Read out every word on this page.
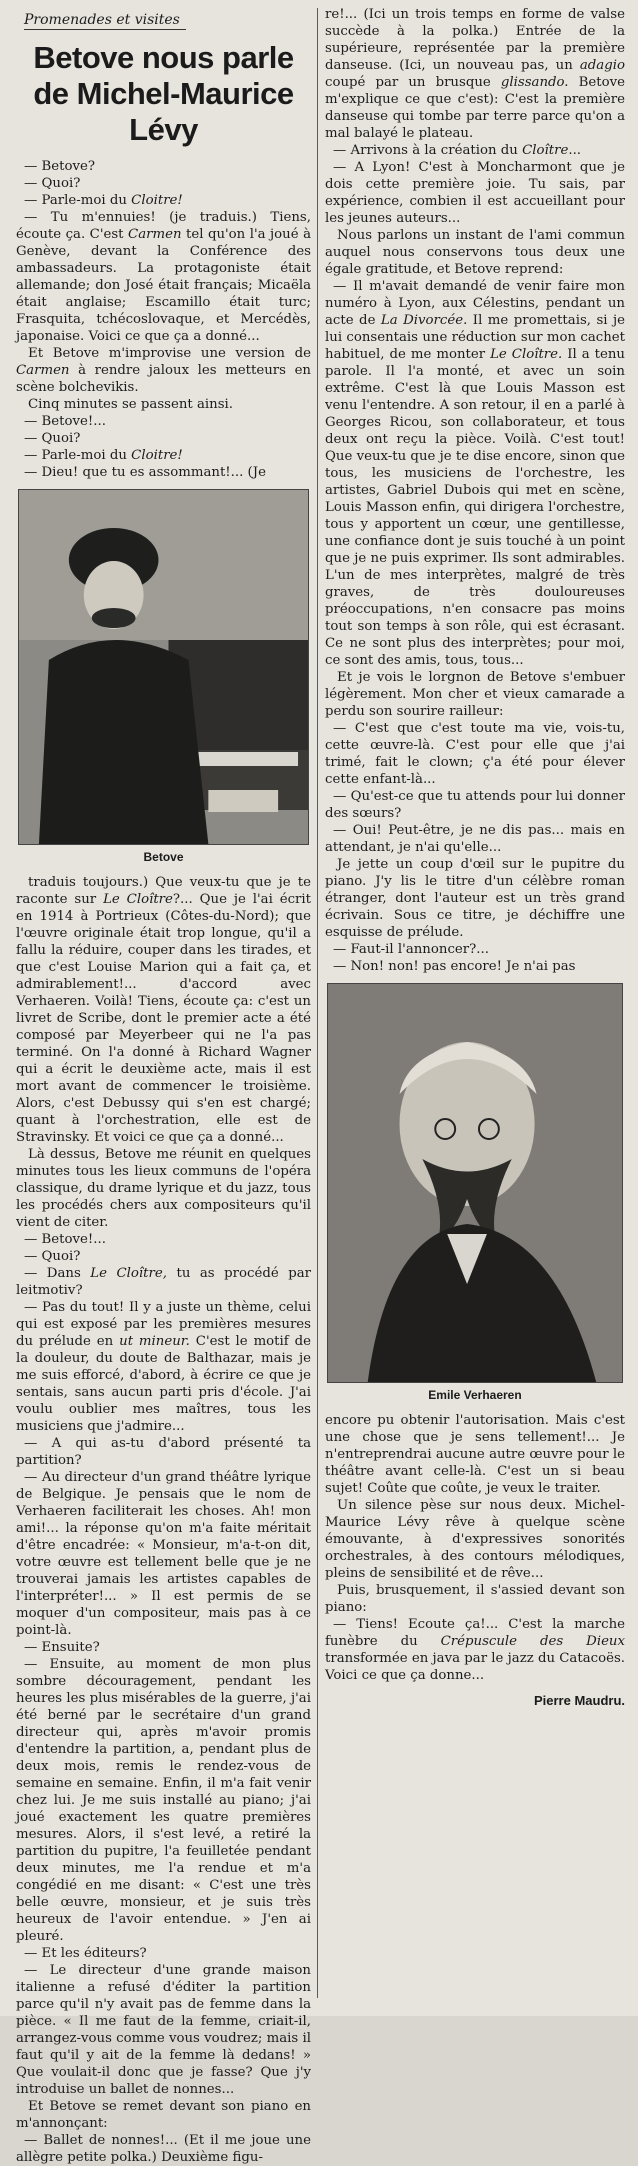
Promenades et visites
Betove nous parle
de Michel-Maurice Lévy

— Betove?

— Quoi?

— Parle-moi du Cloitre!

— Tu m'ennuies! (je traduis.) Tiens, écoute ça. C'est Carmen tel qu'on l'a joué à Genève, devant la Conférence des ambassadeurs. La protagoniste était allemande; don José était français; Micaëla était anglaise; Escamillo était turc; Frasquita, tchécoslovaque, et Mercédès, japonaise. Voici ce que ça a donné...

Et Betove m'improvise une version de Carmen à rendre jaloux les metteurs en scène bolchevikis.

Cinq minutes se passent ainsi.

— Betove!...

— Quoi?

— Parle-moi du Cloitre!

— Dieu! que tu es assommant!... (Je

Betove

traduis toujours.) Que veux-tu que je te raconte sur Le Cloître?... Que je l'ai écrit en 1914 à Portrieux (Côtes-du-Nord); que l'œuvre originale était trop longue, qu'il a fallu la réduire, couper dans les tirades, et que c'est Louise Marion qui a fait ça, et admirablement!... d'accord avec Verhaeren. Voilà! Tiens, écoute ça: c'est un livret de Scribe, dont le premier acte a été composé par Meyerbeer qui ne l'a pas terminé. On l'a donné à Richard Wagner qui a écrit le deuxième acte, mais il est mort avant de commencer le troisième. Alors, c'est Debussy qui s'en est chargé; quant à l'orchestration, elle est de Stravinsky. Et voici ce que ça a donné...

Là dessus, Betove me réunit en quelques minutes tous les lieux communs de l'opéra classique, du drame lyrique et du jazz, tous les procédés chers aux compositeurs qu'il vient de citer.

— Betove!...

— Quoi?

— Dans Le Cloître, tu as procédé par leitmotiv?

— Pas du tout! Il y a juste un thème, celui qui est exposé par les premières mesures du prélude en ut mineur. C'est le motif de la douleur, du doute de Balthazar, mais je me suis efforcé, d'abord, à écrire ce que je sentais, sans aucun parti pris d'école. J'ai voulu oublier mes maîtres, tous les musiciens que j'admire...

— A qui as-tu d'abord présenté ta partition?

— Au directeur d'un grand théâtre lyrique de Belgique. Je pensais que le nom de Verhaeren faciliterait les choses. Ah! mon ami!... la réponse qu'on m'a faite méritait d'être encadrée: « Monsieur, m'a-t-on dit, votre œuvre est tellement belle que je ne trouverai jamais les artistes capables de l'interpréter!... » Il est permis de se moquer d'un compositeur, mais pas à ce point-là.

— Ensuite?

— Ensuite, au moment de mon plus sombre découragement, pendant les heures les plus misérables de la guerre, j'ai été berné par le secrétaire d'un grand directeur qui, après m'avoir promis d'entendre la partition, a, pendant plus de deux mois, remis le rendez-vous de semaine en semaine. Enfin, il m'a fait venir chez lui. Je me suis installé au piano; j'ai joué exactement les quatre premières mesures. Alors, il s'est levé, a retiré la partition du pupitre, l'a feuilletée pendant deux minutes, me l'a rendue et m'a congédié en me disant: « C'est une très belle œuvre, monsieur, et je suis très heureux de l'avoir entendue. » J'en ai pleuré.

— Et les éditeurs?

— Le directeur d'une grande maison italienne a refusé d'éditer la partition parce qu'il n'y avait pas de femme dans la pièce. « Il me faut de la femme, criait-il, arrangez-vous comme vous voudrez; mais il faut qu'il y ait de la femme là dedans! » Que voulait-il donc que je fasse? Que j'y introduise un ballet de nonnes...

Et Betove se remet devant son piano en m'annonçant:

— Ballet de nonnes!... (Et il me joue une allègre petite polka.) Deuxième figu-

re!... (Ici un trois temps en forme de valse succède à la polka.) Entrée de la supérieure, représentée par la première danseuse. (Ici, un nouveau pas, un adagio coupé par un brusque glissando. Betove m'explique ce que c'est): C'est la première danseuse qui tombe par terre parce qu'on a mal balayé le plateau.

— Arrivons à la création du Cloître...

— A Lyon! C'est à Moncharmont que je dois cette première joie. Tu sais, par expérience, combien il est accueillant pour les jeunes auteurs...

Nous parlons un instant de l'ami commun auquel nous conservons tous deux une égale gratitude, et Betove reprend:

— Il m'avait demandé de venir faire mon numéro à Lyon, aux Célestins, pendant un acte de La Divorcée. Il me promettais, si je lui consentais une réduction sur mon cachet habituel, de me monter Le Cloître. Il a tenu parole. Il l'a monté, et avec un soin extrême. C'est là que Louis Masson est venu l'entendre. A son retour, il en a parlé à Georges Ricou, son collaborateur, et tous deux ont reçu la pièce. Voilà. C'est tout! Que veux-tu que je te dise encore, sinon que tous, les musiciens de l'orchestre, les artistes, Gabriel Dubois qui met en scène, Louis Masson enfin, qui dirigera l'orchestre, tous y apportent un cœur, une gentillesse, une confiance dont je suis touché à un point que je ne puis exprimer. Ils sont admirables. L'un de mes interprètes, malgré de très graves, de très douloureuses préoccupations, n'en consacre pas moins tout son temps à son rôle, qui est écrasant. Ce ne sont plus des interprètes; pour moi, ce sont des amis, tous, tous...

Et je vois le lorgnon de Betove s'embuer légèrement. Mon cher et vieux camarade a perdu son sourire railleur:

— C'est que c'est toute ma vie, vois-tu, cette œuvre-là. C'est pour elle que j'ai trimé, fait le clown; ç'a été pour élever cette enfant-là...

— Qu'est-ce que tu attends pour lui donner des sœurs?

— Oui! Peut-être, je ne dis pas... mais en attendant, je n'ai qu'elle...

Je jette un coup d'œil sur le pupitre du piano. J'y lis le titre d'un célèbre roman étranger, dont l'auteur est un très grand écrivain. Sous ce titre, je déchiffre une esquisse de prélude.

— Faut-il l'annoncer?...

— Non! non! pas encore! Je n'ai pas

Emile Verhaeren

encore pu obtenir l'autorisation. Mais c'est une chose que je sens tellement!... Je n'entreprendrai aucune autre œuvre pour le théâtre avant celle-là. C'est un si beau sujet! Coûte que coûte, je veux le traiter.

Un silence pèse sur nous deux. Michel-Maurice Lévy rêve à quelque scène émouvante, à d'expressives sonorités orchestrales, à des contours mélodiques, pleins de sensibilité et de rêve...

Puis, brusquement, il s'assied devant son piano:

— Tiens! Ecoute ça!... C'est la marche funèbre du Crépuscule des Dieux transformée en java par le jazz du Catacoës. Voici ce que ça donne...

Pierre Maudru.
